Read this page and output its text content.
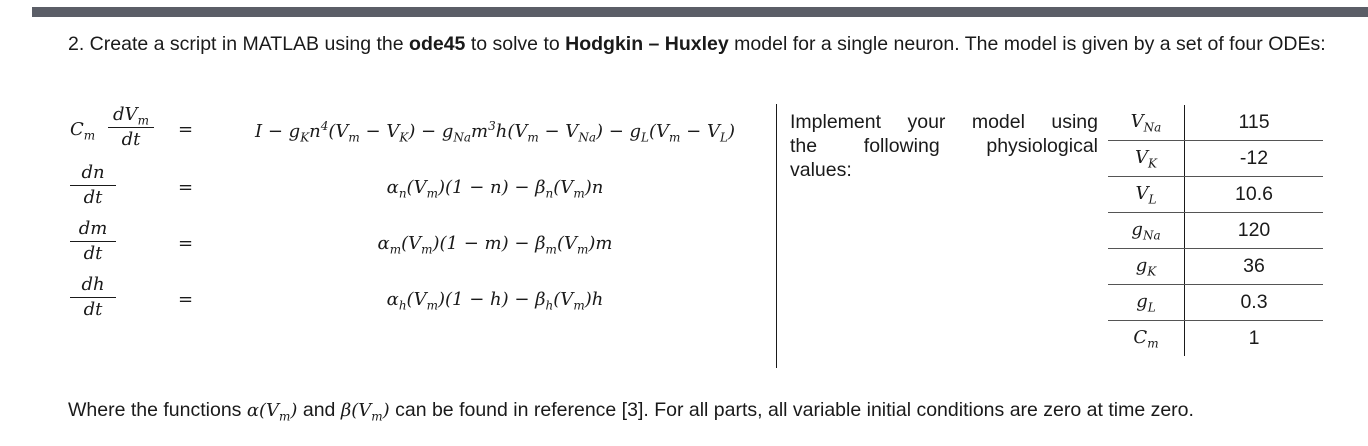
2. Create a script in MATLAB using the ode45 to solve to Hodgkin – Huxley model for a single neuron. The model is given by a set of four ODEs:
$C_m$
$dV_m$
dt	=	$I - g_Kn^4(V_m - V_K) - g_{Na}m^3h(V_m - V_{Na}) - g_L(V_m - V_L)$
dn
dt	=	$\alpha_n(V_m)(1 - n) - \beta_n(V_m)n$
dm
dt	=	$\alpha_m(V_m)(1 - m) - \beta_m(V_m)m$
dh
dt	=	$\alpha_h(V_m)(1 - h) - \beta_h(V_m)h$
Implement your model using
the following physiological
values:
$V_{Na}$	115
$V_K$	-12
$V_L$	10.6
$g_{Na}$	120
$g_K$	36
$g_L$	0.3
$C_m$	1
Where the functions $\alpha(V_m)$ and $\beta(V_m)$ can be found in reference [3]. For all parts, all variable initial conditions are zero at time zero.
